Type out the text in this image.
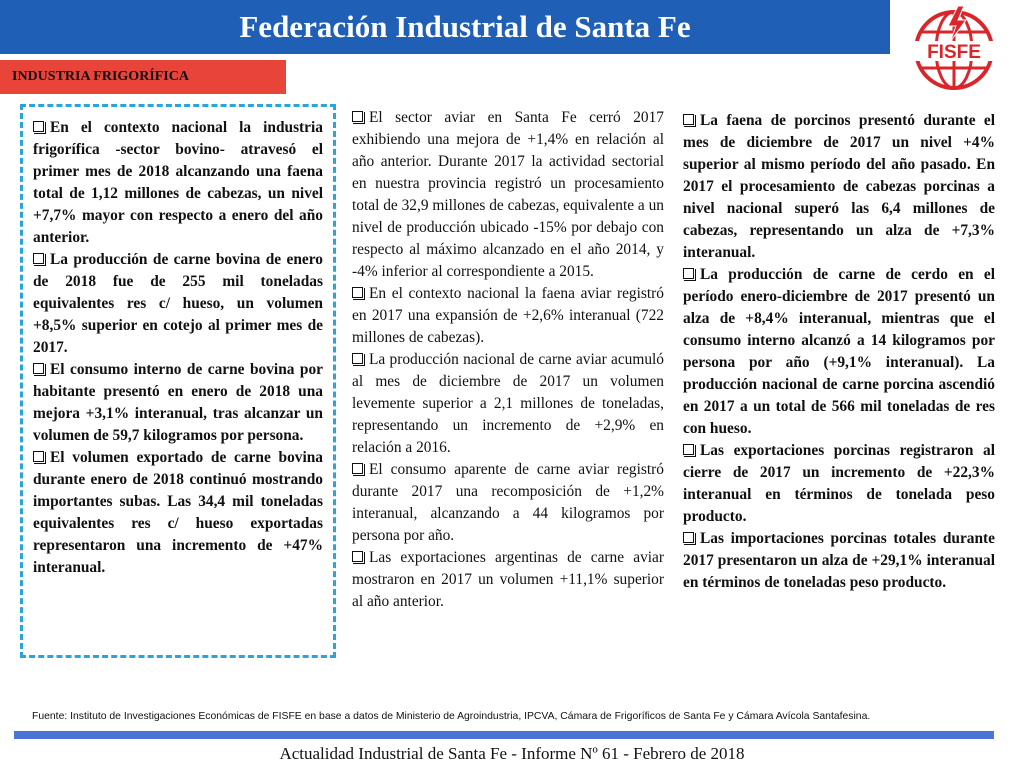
Federación Industrial de Santa Fe
FISFE
INDUSTRIA FRIGORÍFICA

En el contexto nacional la industria frigorífica -sector bovino- atravesó el primer mes de 2018 alcanzando una faena total de 1,12 millones de cabezas, un nivel +7,7% mayor con respecto a enero del año anterior.

La producción de carne bovina de enero de 2018 fue de 255 mil toneladas equivalentes res c/ hueso, un volumen +8,5% superior en cotejo al primer mes de 2017.

El consumo interno de carne bovina por habitante presentó en enero de 2018 una mejora +3,1% interanual, tras alcanzar un volumen de 59,7 kilogramos por persona.

El volumen exportado de carne bovina durante enero de 2018 continuó mostrando importantes subas. Las 34,4 mil toneladas equivalentes res c/ hueso exportadas representaron una incremento de +47% interanual.

El sector aviar en Santa Fe cerró 2017 exhibiendo una mejora de +1,4% en relación al año anterior. Durante 2017 la actividad sectorial en nuestra provincia registró un procesamiento total de 32,9 millones de cabezas, equivalente a un nivel de producción ubicado -15% por debajo con respecto al máximo alcanzado en el año 2014, y -4% inferior al correspondiente a 2015.

En el contexto nacional la faena aviar registró en 2017 una expansión de +2,6% interanual (722 millones de cabezas).

La producción nacional de carne aviar acumuló al mes de diciembre de 2017 un volumen levemente superior a 2,1 millones de toneladas, representando un incremento de +2,9% en relación a 2016.

El consumo aparente de carne aviar registró durante 2017 una recomposición de +1,2% interanual, alcanzando a 44 kilogramos por persona por año.

Las exportaciones argentinas de carne aviar mostraron en 2017 un volumen +11,1% superior al año anterior.

La faena de porcinos presentó durante el mes de diciembre de 2017 un nivel +4% superior al mismo período del año pasado. En 2017 el procesamiento de cabezas porcinas a nivel nacional superó las 6,4 millones de cabezas, representando un alza de +7,3% interanual.

La producción de carne de cerdo en el período enero-diciembre de 2017 presentó un alza de +8,4% interanual, mientras que el consumo interno alcanzó a 14 kilogramos por persona por año (+9,1% interanual). La producción nacional de carne porcina ascendió en 2017 a un total de 566 mil toneladas de res con hueso.

Las exportaciones porcinas registraron al cierre de 2017 un incremento de +22,3% interanual en términos de tonelada peso producto.

Las importaciones porcinas totales durante 2017 presentaron un alza de +29,1% interanual en términos de toneladas peso producto.

Fuente: Instituto de Investigaciones Económicas de FISFE en base a datos de Ministerio de Agroindustria, IPCVA, Cámara de Frigoríficos de Santa Fe y Cámara Avícola Santafesina.
Actualidad Industrial de Santa Fe - Informe Nº 61 - Febrero de 2018
